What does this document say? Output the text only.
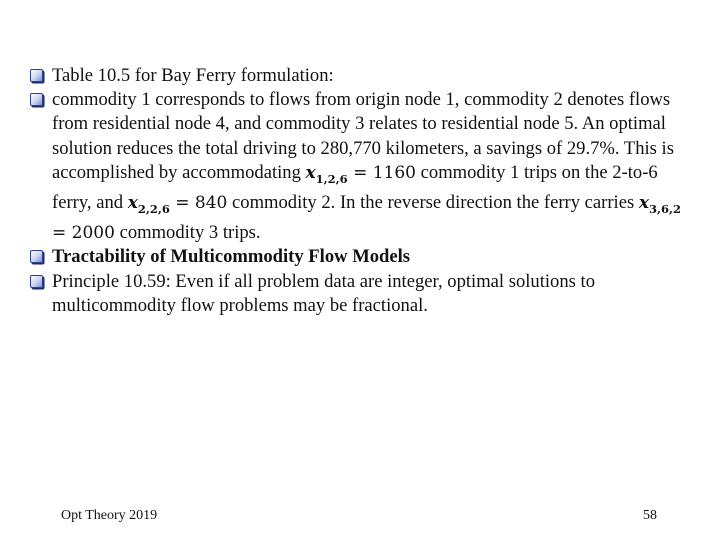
Table 10.5 for Bay Ferry formulation:
commodity 1 corresponds to flows from origin node 1, commodity 2 denotes flows from residential node 4, and commodity 3 relates to residential node 5. An optimal solution reduces the total driving to 280,770 kilometers, a savings of 29.7%. This is accomplished by accommodating $x_{1,2,6} = 1160$ commodity 1 trips on the 2-to-6 ferry, and $x_{2,2,6} = 840$ commodity 2. In the reverse direction the ferry carries $x_{3,6,2} = 2000$ commodity 3 trips.
Tractability of Multicommodity Flow Models
Principle 10.59: Even if all problem data are integer, optimal solutions to multicommodity flow problems may be fractional.
Opt Theory 2019	58
